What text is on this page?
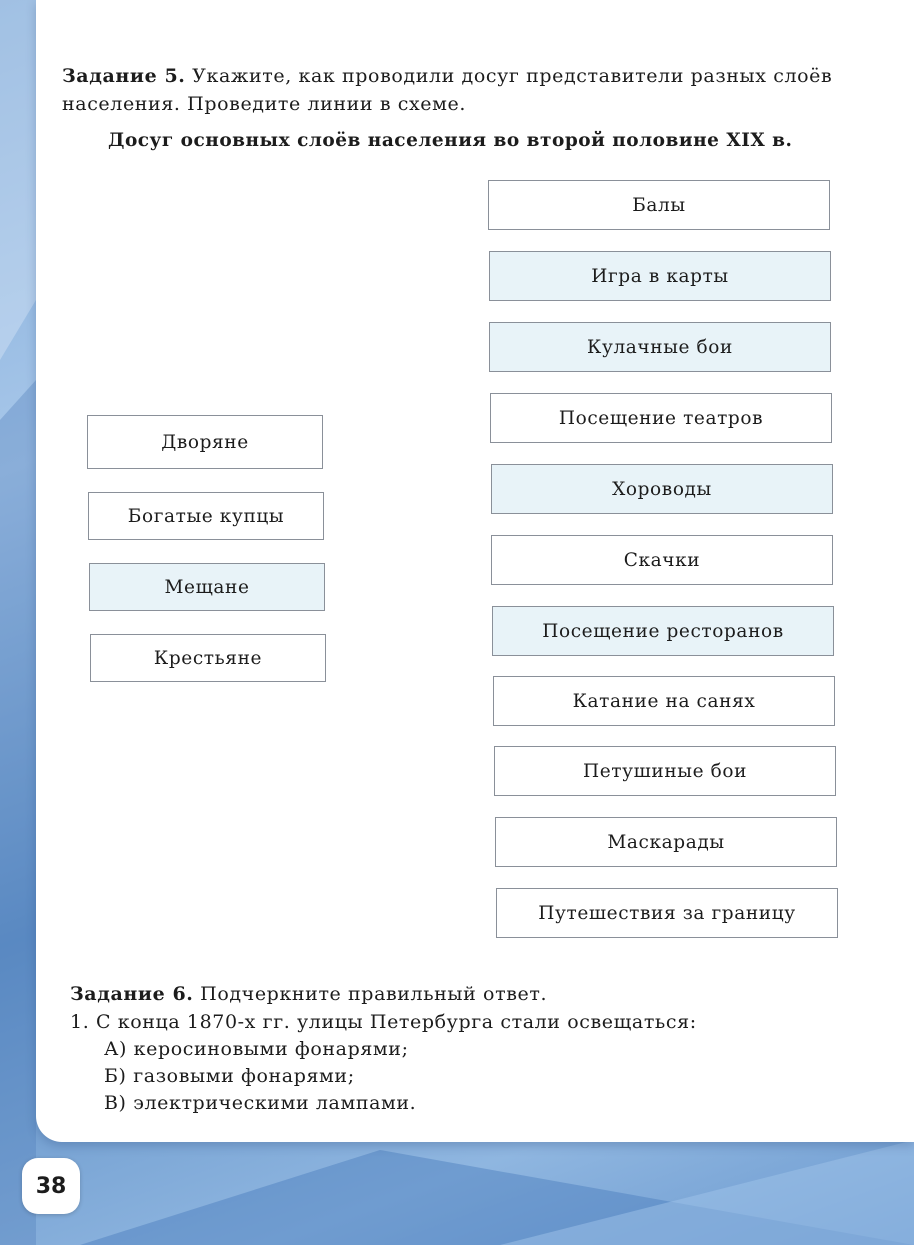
Задание 5. Укажите, как проводили досуг представители разных слоёв
населения. Проведите линии в схеме.
Досуг основных слоёв населения во второй половине XIX в.
Дворяне
Богатые купцы
Мещане
Крестьяне
Балы
Игра в карты
Кулачные бои
Посещение театров
Хороводы
Скачки
Посещение ресторанов
Катание на санях
Петушиные бои
Маскарады
Путешествия за границу
Задание 6. Подчеркните правильный ответ.
1. С конца 1870-х гг. улицы Петербурга стали освещаться:
А) керосиновыми фонарями;
Б) газовыми фонарями;
В) электрическими лампами.
38
